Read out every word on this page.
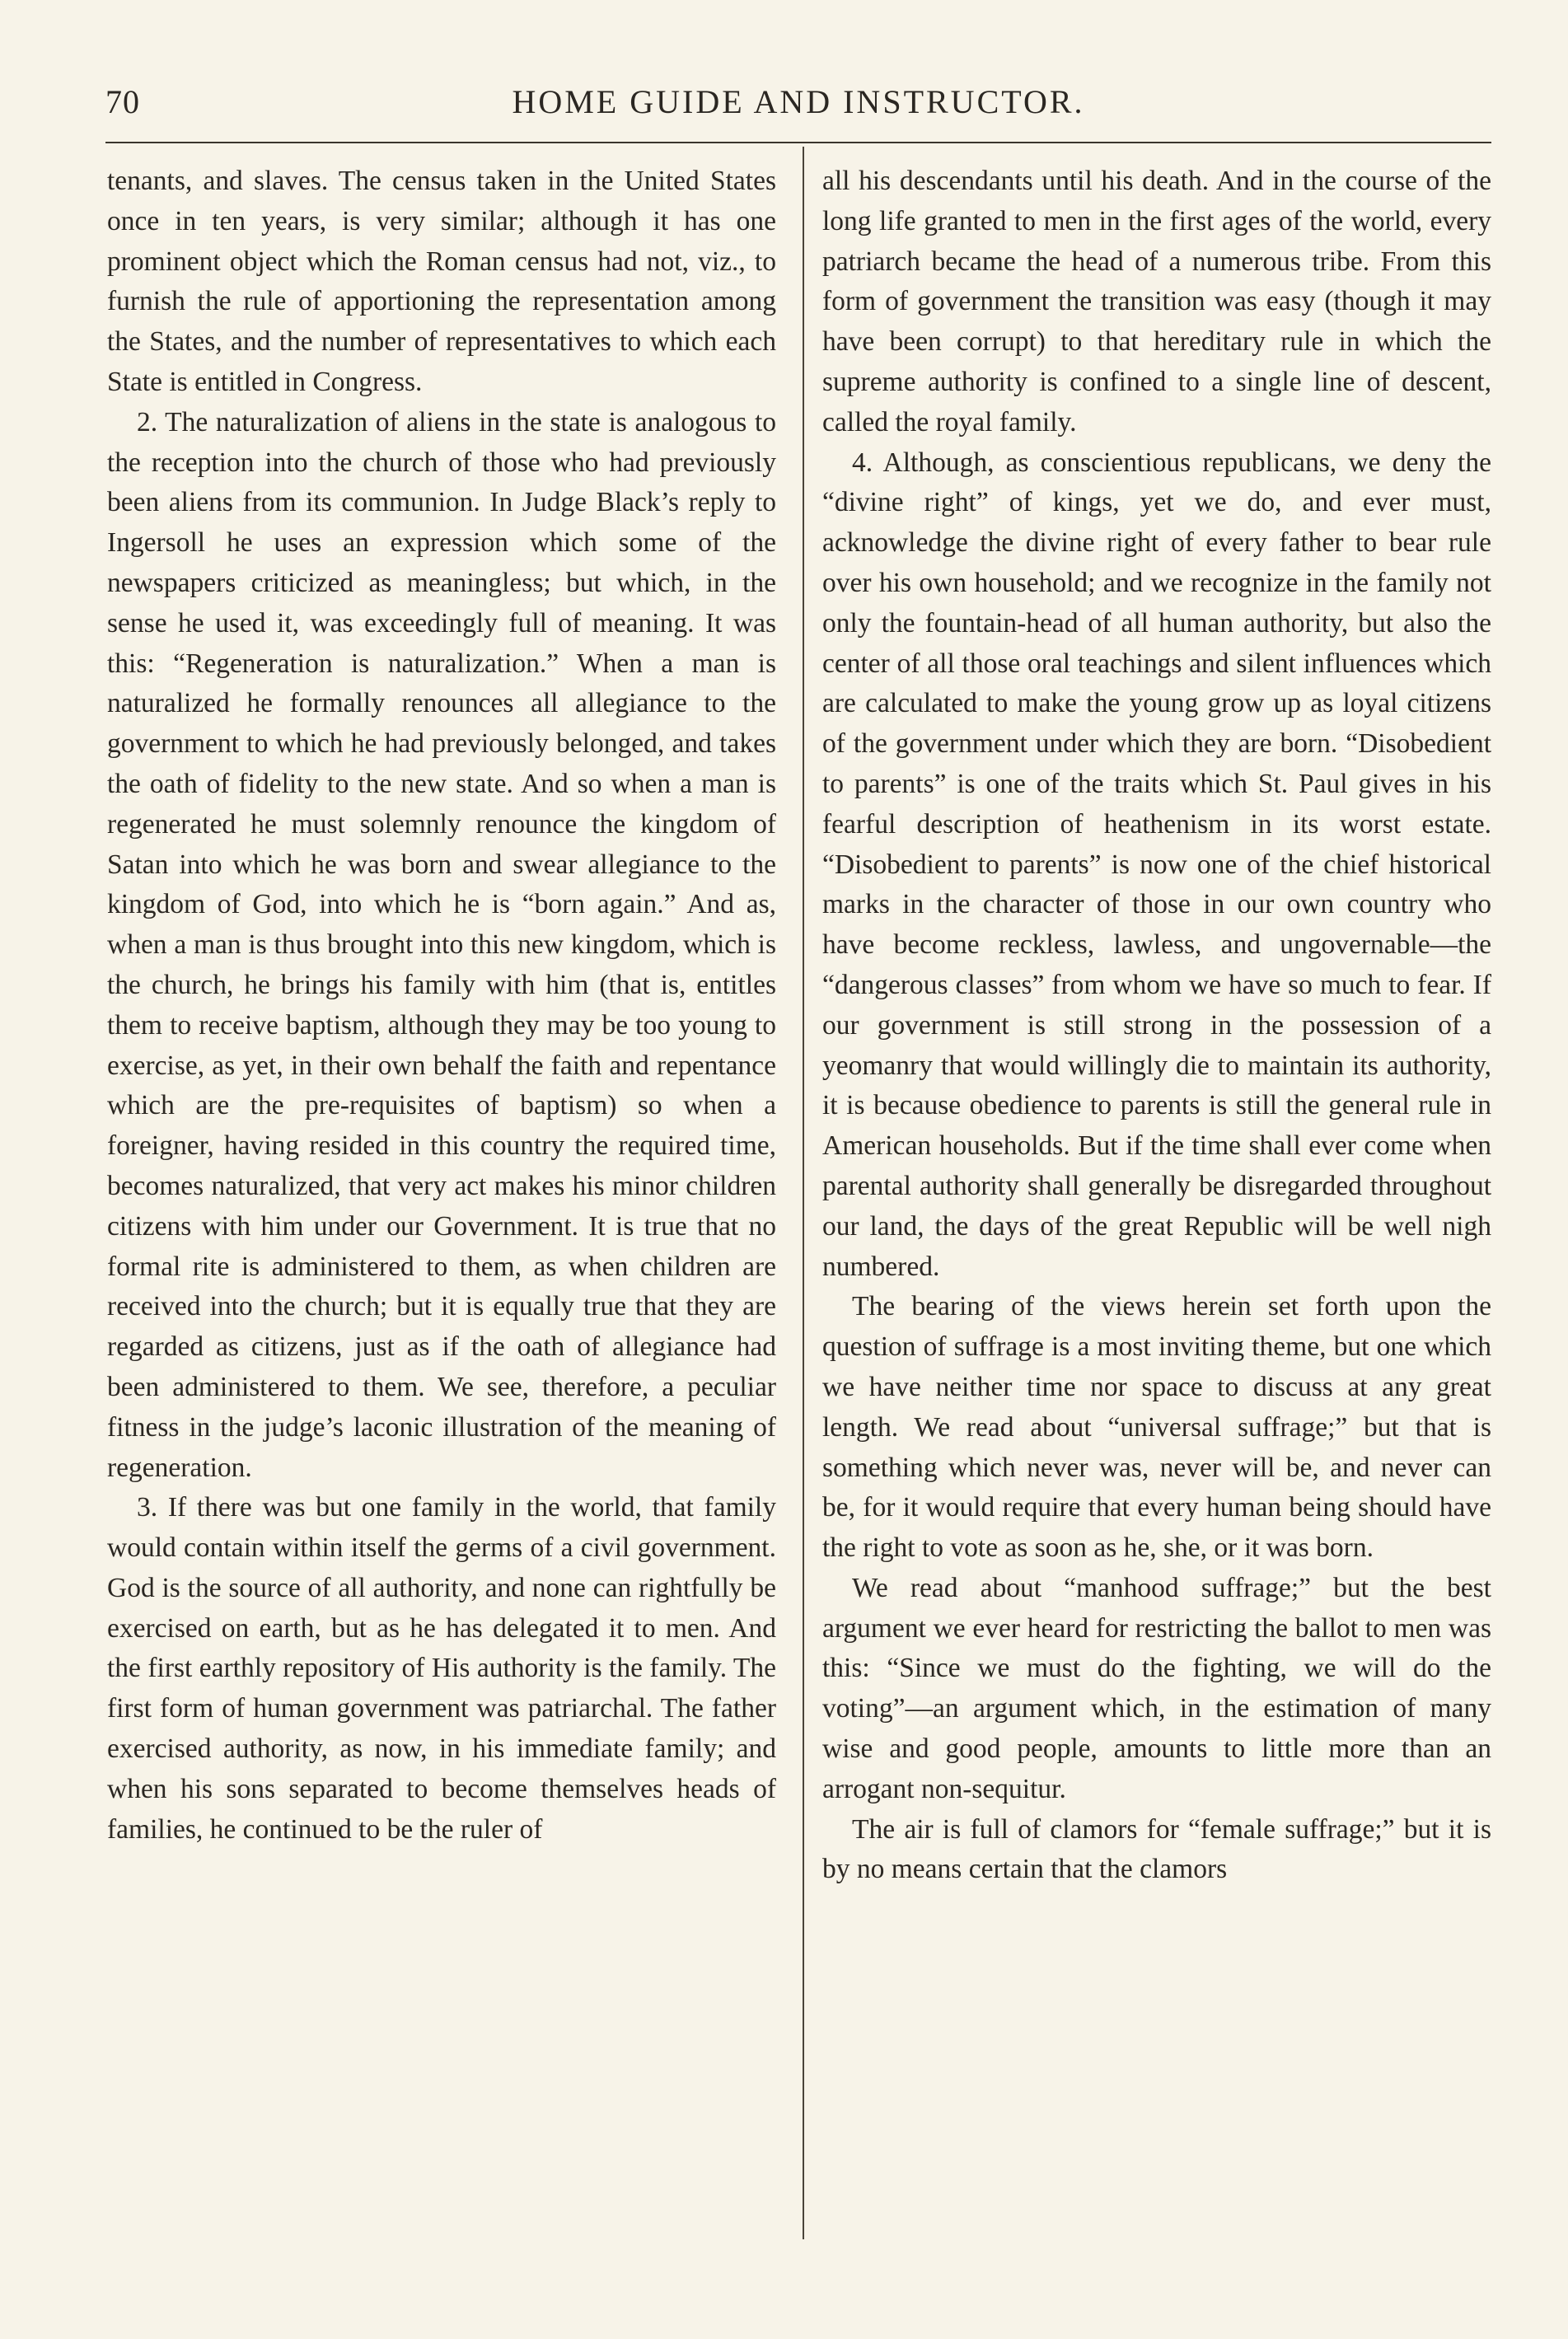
70	HOME GUIDE AND INSTRUCTOR.

tenants, and slaves. The census taken in the United States once in ten years, is very similar; although it has one prominent object which the Roman census had not, viz., to furnish the rule of apportioning the representation among the States, and the number of representatives to which each State is entitled in Congress.

2. The naturalization of aliens in the state is analogous to the reception into the church of those who had previously been aliens from its communion. In Judge Black’s reply to Ingersoll he uses an expression which some of the newspapers criticized as meaningless; but which, in the sense he used it, was exceedingly full of meaning. It was this: “Regeneration is naturalization.” When a man is naturalized he formally renounces all allegiance to the government to which he had previously belonged, and takes the oath of fidelity to the new state. And so when a man is regenerated he must solemnly renounce the kingdom of Satan into which he was born and swear allegiance to the kingdom of God, into which he is “born again.” And as, when a man is thus brought into this new kingdom, which is the church, he brings his family with him (that is, entitles them to receive baptism, although they may be too young to exercise, as yet, in their own behalf the faith and repentance which are the pre-requisites of baptism) so when a foreigner, having resided in this country the required time, becomes naturalized, that very act makes his minor children citizens with him under our Government. It is true that no formal rite is administered to them, as when children are received into the church; but it is equally true that they are regarded as citizens, just as if the oath of allegiance had been administered to them. We see, therefore, a peculiar fitness in the judge’s laconic illustration of the meaning of regeneration.

3. If there was but one family in the world, that family would contain within itself the germs of a civil government. God is the source of all authority, and none can rightfully be exercised on earth, but as he has delegated it to men. And the first earthly repository of His authority is the family. The first form of human government was patriarchal. The father exercised authority, as now, in his immediate family; and when his sons separated to become themselves heads of families, he continued to be the ruler of

all his descendants until his death. And in the course of the long life granted to men in the first ages of the world, every patriarch became the head of a numerous tribe. From this form of government the transition was easy (though it may have been corrupt) to that hereditary rule in which the supreme authority is confined to a single line of descent, called the royal family.

4. Although, as conscientious republicans, we deny the “divine right” of kings, yet we do, and ever must, acknowledge the divine right of every father to bear rule over his own household; and we recognize in the family not only the fountain-head of all human authority, but also the center of all those oral teachings and silent influences which are calculated to make the young grow up as loyal citizens of the government under which they are born. “Disobedient to parents” is one of the traits which St. Paul gives in his fearful description of heathenism in its worst estate. “Disobedient to parents” is now one of the chief historical marks in the character of those in our own country who have become reckless, lawless, and ungovernable—the “dangerous classes” from whom we have so much to fear. If our government is still strong in the possession of a yeomanry that would willingly die to maintain its authority, it is because obedience to parents is still the general rule in American households. But if the time shall ever come when parental authority shall generally be disregarded throughout our land, the days of the great Republic will be well nigh numbered.

The bearing of the views herein set forth upon the question of suffrage is a most inviting theme, but one which we have neither time nor space to discuss at any great length. We read about “universal suffrage;” but that is something which never was, never will be, and never can be, for it would require that every human being should have the right to vote as soon as he, she, or it was born.

We read about “manhood suffrage;” but the best argument we ever heard for restricting the ballot to men was this: “Since we must do the fighting, we will do the voting”—an argument which, in the estimation of many wise and good people, amounts to little more than an arrogant non-sequitur.

The air is full of clamors for “female suffrage;” but it is by no means certain that the clamors
